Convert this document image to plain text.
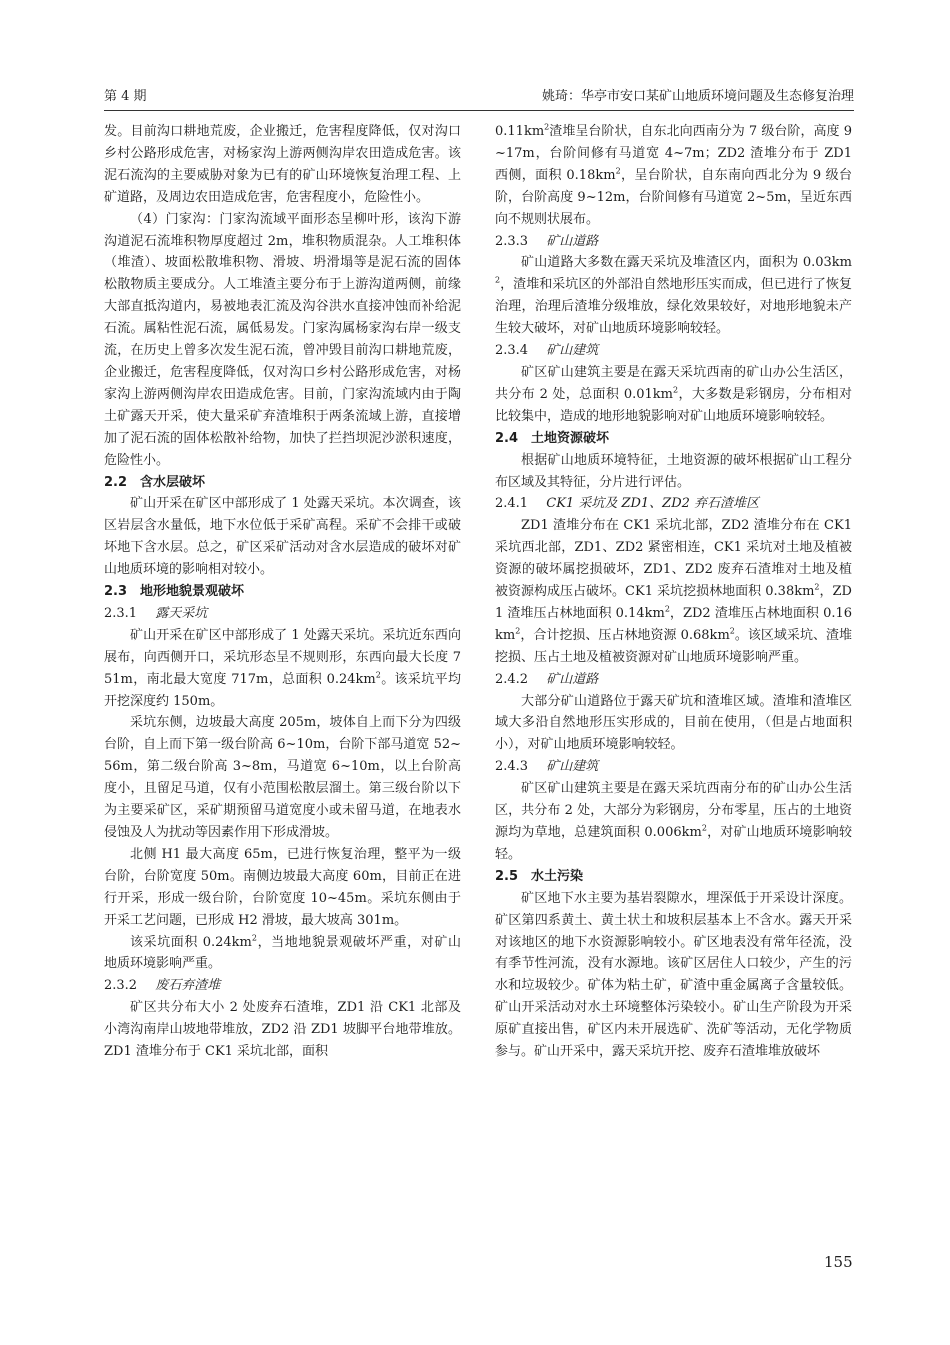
第 4 期	姚琦：华亭市安口某矿山地质环境问题及生态修复治理

发。目前沟口耕地荒废，企业搬迁，危害程度降低，仅对沟口乡村公路形成危害，对杨家沟上游两侧沟岸农田造成危害。该泥石流沟的主要威胁对象为已有的矿山环境恢复治理工程、上矿道路，及周边农田造成危害，危害程度小，危险性小。

（4）门家沟：门家沟流域平面形态呈柳叶形，该沟下游沟道泥石流堆积物厚度超过 2m，堆积物质混杂。人工堆积体（堆渣）、坡面松散堆积物、滑坡、坍滑塌等是泥石流的固体松散物质主要成分。人工堆渣主要分布于上游沟道两侧，前缘大部直抵沟道内，易被地表汇流及沟谷洪水直接冲蚀而补给泥石流。属粘性泥石流，属低易发。门家沟属杨家沟右岸一级支流，在历史上曾多次发生泥石流，曾冲毁目前沟口耕地荒废，企业搬迁，危害程度降低，仅对沟口乡村公路形成危害，对杨家沟上游两侧沟岸农田造成危害。目前，门家沟流域内由于陶土矿露天开采，使大量采矿弃渣堆积于两条流域上游，直接增加了泥石流的固体松散补给物，加快了拦挡坝泥沙淤积速度，危险性小。

2.2　含水层破坏

矿山开采在矿区中部形成了 1 处露天采坑。本次调查，该区岩层含水量低，地下水位低于采矿高程。采矿不会排干或破坏地下含水层。总之，矿区采矿活动对含水层造成的破坏对矿山地质环境的影响相对较小。

2.3　地形地貌景观破坏
2.3.1 露天采坑

矿山开采在矿区中部形成了 1 处露天采坑。采坑近东西向展布，向西侧开口，采坑形态呈不规则形，东西向最大长度 751m，南北最大宽度 717m，总面积 $0.24km^2$。该采坑平均开挖深度约 150m。

采坑东侧，边坡最大高度 205m，坡体自上而下分为四级台阶，自上而下第一级台阶高 6~10m，台阶下部马道宽 52~56m，第二级台阶高 3~8m，马道宽 6~10m，以上台阶高度小，且留足马道，仅有小范围松散层溜土。第三级台阶以下为主要采矿区，采矿期预留马道宽度小或未留马道，在地表水侵蚀及人为扰动等因素作用下形成滑坡。

北侧 H1 最大高度 65m，已进行恢复治理，整平为一级台阶，台阶宽度 50m。南侧边坡最大高度 60m，目前正在进行开采，形成一级台阶，台阶宽度 10~45m。采坑东侧由于开采工艺问题，已形成 H2 滑坡，最大坡高 301m。

该采坑面积 $0.24km^2$，当地地貌景观破坏严重，对矿山地质环境影响严重。

2.3.2 废石弃渣堆

矿区共分布大小 2 处废弃石渣堆，ZD1 沿 CK1 北部及小湾沟南岸山坡地带堆放，ZD2 沿 ZD1 坡脚平台地带堆放。ZD1 渣堆分布于 CK1 采坑北部，面积

$0.11km^2$渣堆呈台阶状，自东北向西南分为 7 级台阶，高度 9~17m，台阶间修有马道宽 4~7m；ZD2 渣堆分布于 ZD1 西侧，面积 $0.18km^2$，呈台阶状，自东南向西北分为 9 级台阶，台阶高度 9~12m，台阶间修有马道宽 2~5m，呈近东西向不规则状展布。

2.3.3 矿山道路

矿山道路大多数在露天采坑及堆渣区内，面积为 $0.03km^2$，渣堆和采坑区的外部沿自然地形压实而成，但已进行了恢复治理，治理后渣堆分级堆放，绿化效果较好，对地形地貌未产生较大破坏，对矿山地质环境影响较轻。

2.3.4 矿山建筑

矿区矿山建筑主要是在露天采坑西南的矿山办公生活区，共分布 2 处，总面积 $0.01km^2$，大多数是彩钢房，分布相对比较集中，造成的地形地貌影响对矿山地质环境影响较轻。

2.4　土地资源破坏

根据矿山地质环境特征，土地资源的破坏根据矿山工程分布区域及其特征，分片进行评估。

2.4.1 CK1 采坑及 ZD1、ZD2 弃石渣堆区

ZD1 渣堆分布在 CK1 采坑北部，ZD2 渣堆分布在 CK1 采坑西北部，ZD1、ZD2 紧密相连，CK1 采坑对土地及植被资源的破坏属挖损破坏，ZD1、ZD2 废弃石渣堆对土地及植被资源构成压占破坏。CK1 采坑挖损林地面积 $0.38km^2$，ZD1 渣堆压占林地面积 $0.14km^2$，ZD2 渣堆压占林地面积 $0.16km^2$，合计挖损、压占林地资源 $0.68km^2$。该区域采坑、渣堆挖损、压占土地及植被资源对矿山地质环境影响严重。

2.4.2 矿山道路

大部分矿山道路位于露天矿坑和渣堆区域。渣堆和渣堆区域大多沿自然地形压实形成的，目前在使用，（但是占地面积小），对矿山地质环境影响较轻。

2.4.3 矿山建筑

矿区矿山建筑主要是在露天采坑西南分布的矿山办公生活区，共分布 2 处，大部分为彩钢房，分布零星，压占的土地资源均为草地，总建筑面积 $0.006km^2$，对矿山地质环境影响较轻。

2.5　水土污染

矿区地下水主要为基岩裂隙水，埋深低于开采设计深度。矿区第四系黄土、黄土状土和坡积层基本上不含水。露天开采对该地区的地下水资源影响较小。矿区地表没有常年径流，没有季节性河流，没有水源地。该矿区居住人口较少，产生的污水和垃圾较少。矿体为粘土矿，矿渣中重金属离子含量较低。矿山开采活动对水土环境整体污染较小。矿山生产阶段为开采原矿直接出售，矿区内未开展选矿、洗矿等活动，无化学物质参与。矿山开采中，露天采坑开挖、废弃石渣堆堆放破坏

155
